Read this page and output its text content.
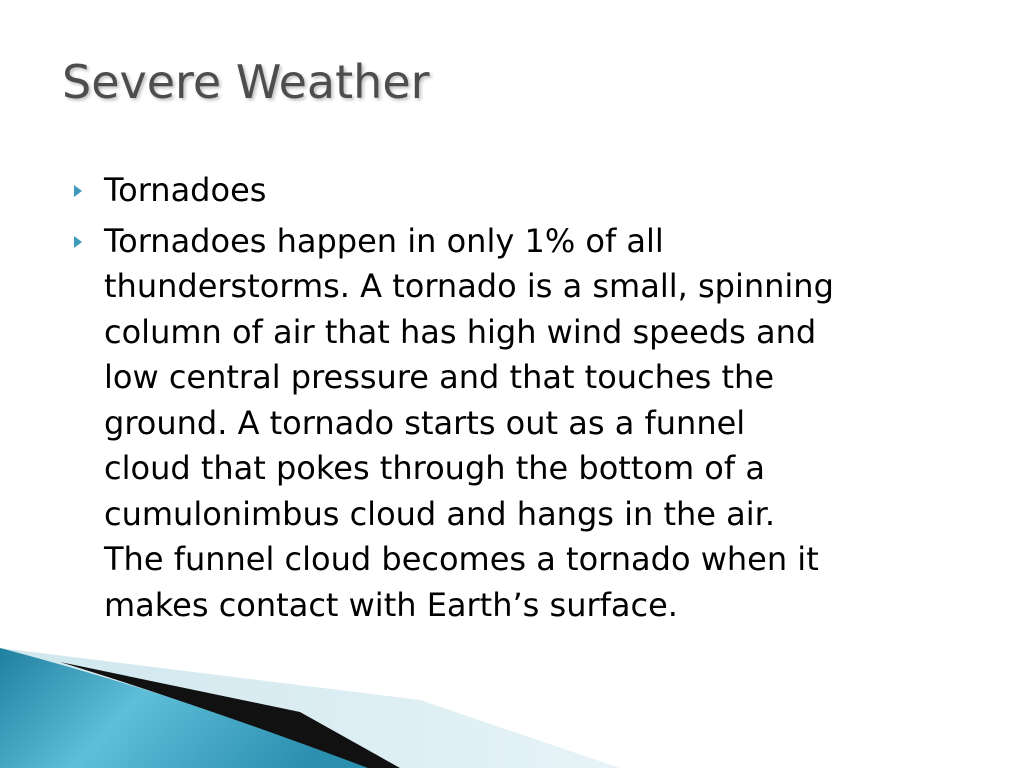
Severe Weather
Tornadoes
Tornadoes happen in only 1% of all
thunderstorms. A tornado is a small, spinning
column of air that has high wind speeds and
low central pressure and that touches the
ground. A tornado starts out as a funnel
cloud that pokes through the bottom of a
cumulonimbus cloud and hangs in the air.
The funnel cloud becomes a tornado when it
makes contact with Earth’s surface.
